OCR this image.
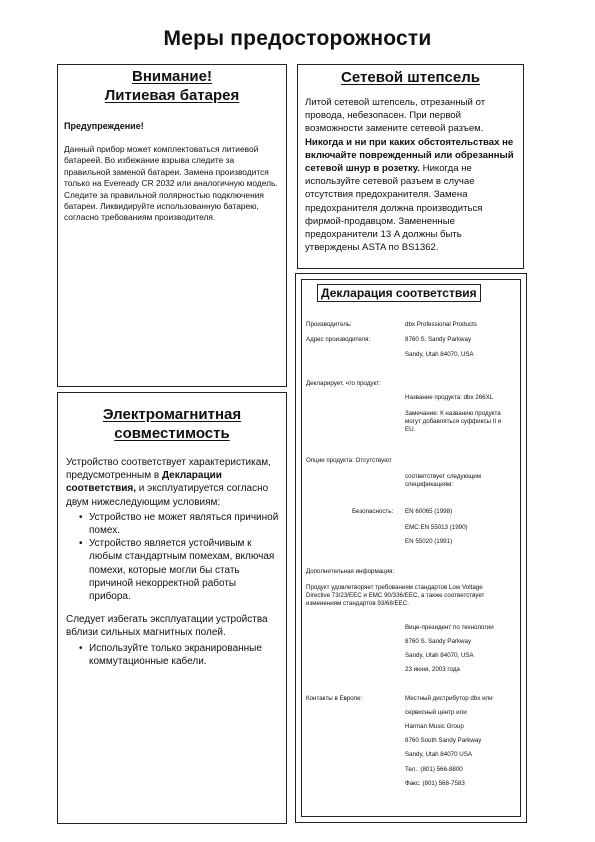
Меры предосторожности
Внимание!
Литиевая батарея
Предупреждение!
Данный прибор может комплектоваться литиевой батареей. Во избежание взрыва следите за правильной заменой батареи. Замена производится только на Eveready CR 2032 или аналогичную модель. Следите за правильной полярностью подключения батареи. Ликвидируйте использованную батарею, согласно требованиям производителя.
Сетевой штепсель
Литой сетевой штепсель, отрезанный от провода, небезопасен. При первой возможности замените сетевой разъем. Никогда и ни при каких обстоятельствах не включайте поврежденный или обрезанный сетевой шнур в розетку. Никогда не используйте сетевой разъем в случае отсутствия предохранителя. Замена предохранителя должна производиться фирмой-продавцом. Замененные предохранители 13 A должны быть утверждены ASTA по BS1362.
Электромагнитная
совместимость
Устройство соответствует характеристикам, предусмотренным в Декларации соответствия, и эксплуатируется согласно двум нижеследующим условиям:
• Устройство не может являться причиной помех.
• Устройство является устойчивым к любым стандартным помехам, включая помехи, которые могли бы стать причиной некорректной работы прибора.
Следует избегать эксплуатации устройства вблизи сильных магнитных полей.
• Используйте только экранированные коммутационные кабели.
Декларация соответствия
Производитель:	dbx Professional Products
Адрес производителя:	8760 S. Sandy Parkway
Sandy, Utah 84070, USA
Декларирует, что продукт:
Название продукта: dbx 266XL
Замечание: К названию продукта могут добавляться суффиксы II и EU.
Опции продукта: Отсутствуют
соответствует следующим спецификациям:
Безопасность: EN 60065 (1998)
EMC:EN 55013 (1990)
EN 55020 (1991)
Дополнительная информация:
Продукт удовлетворяет требованиям стандартов Low Voltage Directive 73/23/EEC и EMC 90/336/EEC, а также соответствует изменениям стандартов 93/68/EEC.
Вице-президент по технологии
8760 S. Sandy Parkway
Sandy, Utah 84070, USA
23 июня, 2003 года
Контакты в Европе:	Местный дистрибутор dbx или
сервисный центр или
Harman Music Group
8760 South Sandy Parkway
Sandy, Utah 84070 USA
Тел.: (801) 566-8800
Факс: (801) 568-7583
